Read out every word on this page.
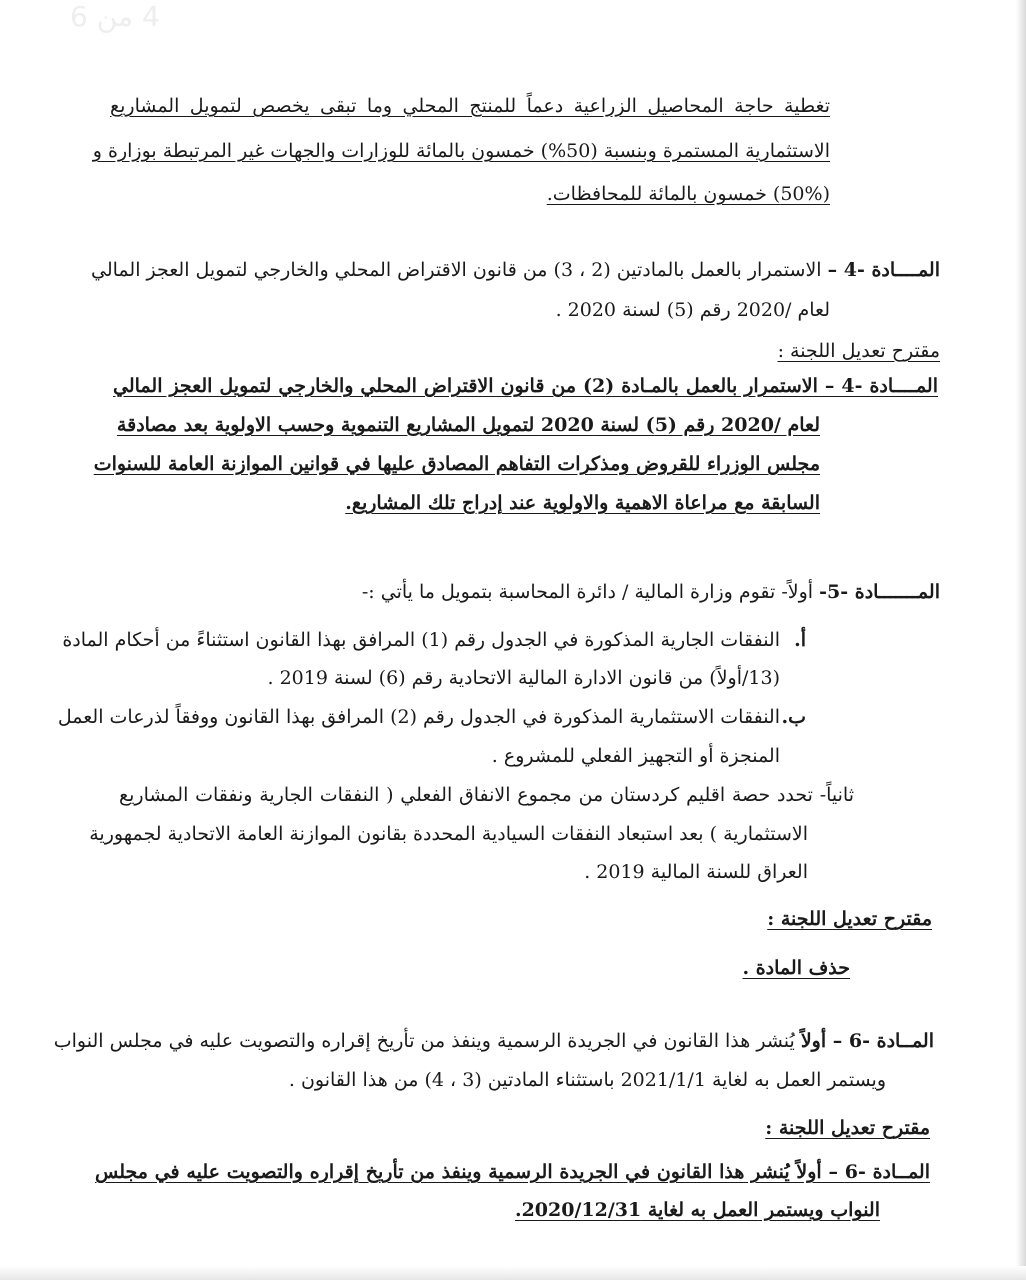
4 من 6
تغطية حاجة المحاصيل الزراعية دعماً للمنتج المحلي وما تبقى يخصص لتمويل المشاريع
الاستثمارية المستمرة وبنسبة (50%) خمسون بالمائة للوزارات والجهات غير المرتبطة بوزارة و
(50%) خمسون بالمائة للمحافظات.
المــــادة -4 – الاستمرار بالعمل بالمادتين (2 ، 3) من قانون الاقتراض المحلي والخارجي لتمويل العجز المالي
لعام /2020 رقم (5) لسنة 2020 .
مقترح تعديل اللجنة :
المــــادة -4 – الاستمرار بالعمل بالمـادة (2) من قانون الاقتراض المحلي والخارجي لتمويل العجز المالي
لعام /2020 رقم (5) لسنة 2020 لتمويل المشاريع التنموية وحسب الاولوية بعد مصادقة
مجلس الوزراء للقروض ومذكرات التفاهم المصادق عليها في قوانين الموازنة العامة للسنوات
السابقة مع مراعاة الاهمية والاولوية عند إدراج تلك المشاريع.
المـــــــادة -5- أولاً- تقوم وزارة المالية / دائرة المحاسبة بتمويل ما يأتي :-
أ.
النفقات الجارية المذكورة في الجدول رقم (1) المرافق بهذا القانون استثناءً من أحكام المادة
(13/أولاً) من قانون الادارة المالية الاتحادية رقم (6) لسنة 2019 .
ب.
النفقات الاستثمارية المذكورة في الجدول رقم (2) المرافق بهذا القانون ووفقاً لذرعات العمل
المنجزة أو التجهيز الفعلي للمشروع .
ثانياً- تحدد حصة اقليم كردستان من مجموع الانفاق الفعلي ( النفقات الجارية ونفقات المشاريع
الاستثمارية ) بعد استبعاد النفقات السيادية المحددة بقانون الموازنة العامة الاتحادية لجمهورية
العراق للسنة المالية 2019 .
مقترح تعديل اللجنة :
حذف المادة .
المــادة -6 – أولاً يُنشر هذا القانون في الجريدة الرسمية وينفذ من تأريخ إقراره والتصويت عليه في مجلس النواب
ويستمر العمل به لغاية 2021/1/1 باستثناء المادتين (3 ، 4) من هذا القانون .
مقترح تعديل اللجنة :
المــادة -6 – أولاً يُنشر هذا القانون في الجريدة الرسمية وينفذ من تأريخ إقراره والتصويت عليه في مجلس
النواب ويستمر العمل به لغاية 2020/12/31.
